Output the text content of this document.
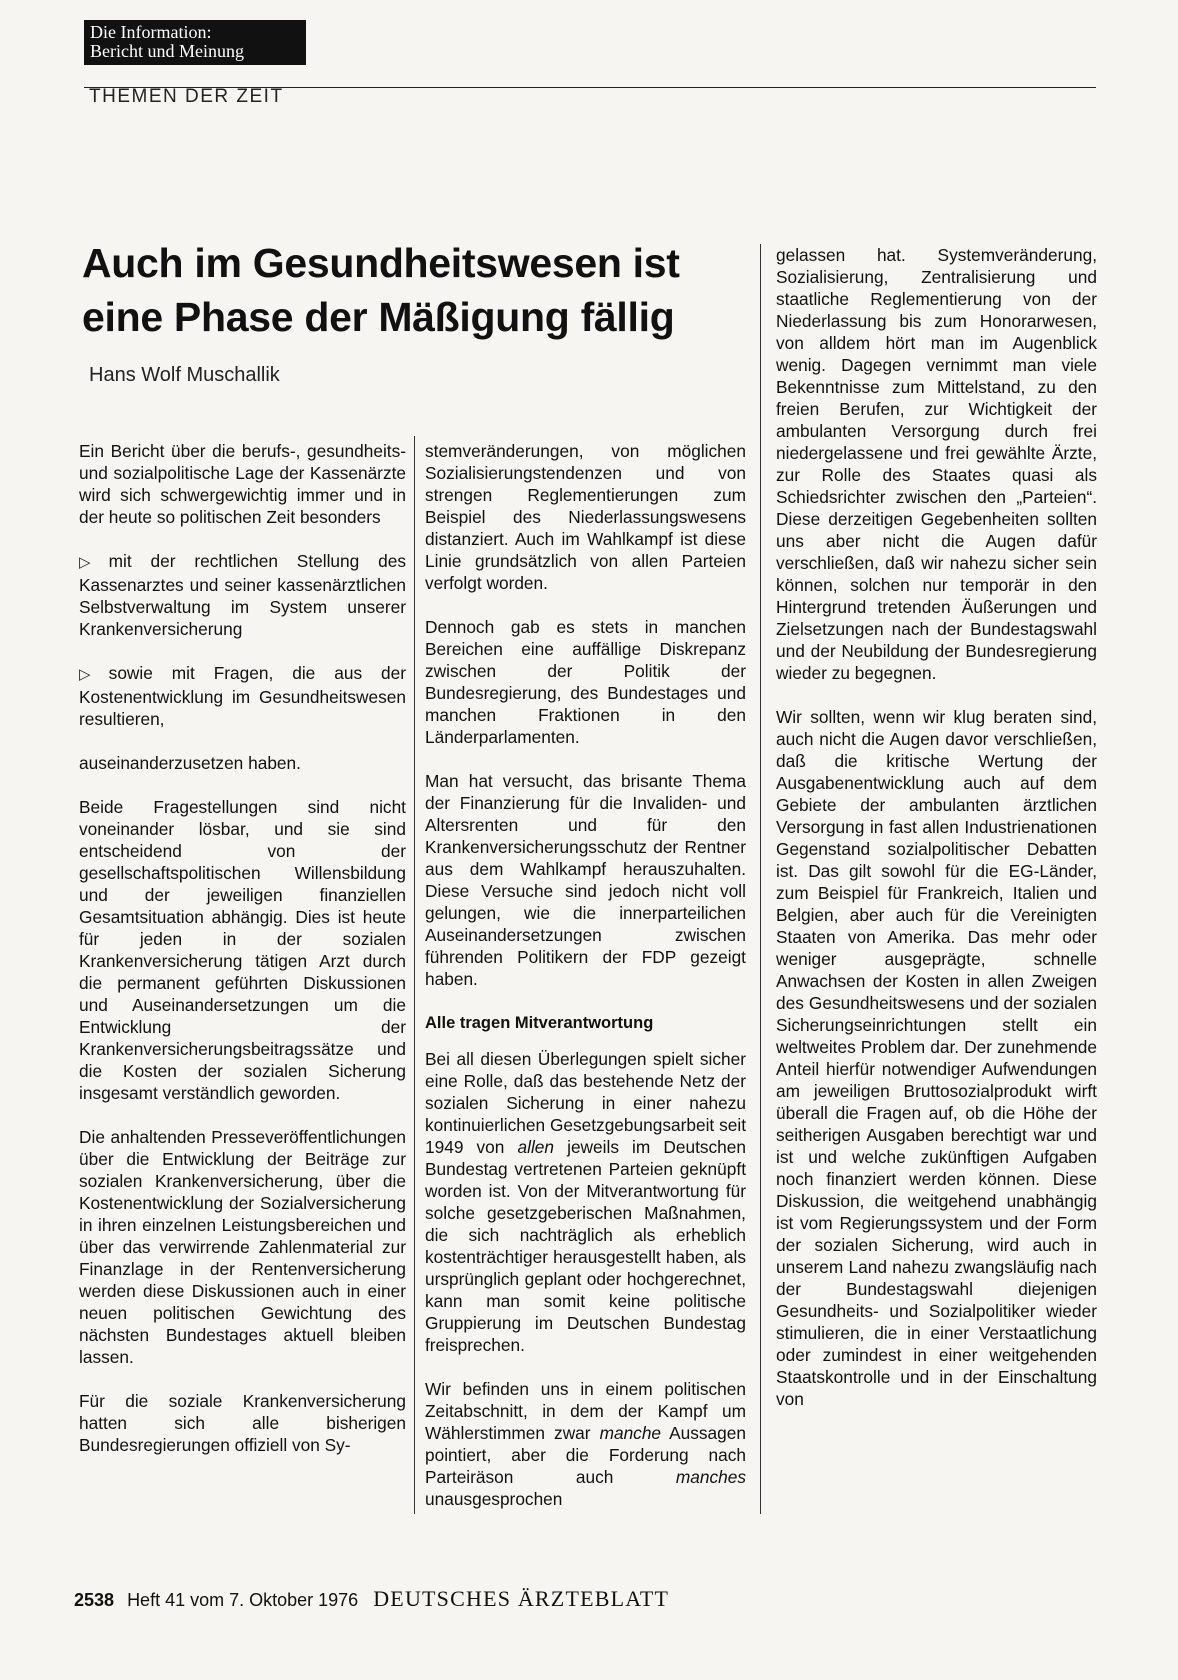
Die Information:
Bericht und Meinung
THEMEN DER ZEIT
Auch im Gesundheitswesen ist
eine Phase der Mäßigung fällig
Hans Wolf Muschallik

Ein Bericht über die berufs-, gesundheits- und sozialpolitische Lage der Kassenärzte wird sich schwergewichtig immer und in der heute so politischen Zeit besonders

▷ mit der rechtlichen Stellung des Kassenarztes und seiner kassenärztlichen Selbstverwaltung im System unserer Krankenversicherung

▷ sowie mit Fragen, die aus der Kostenentwicklung im Gesundheitswesen resultieren,

auseinanderzusetzen haben.

Beide Fragestellungen sind nicht voneinander lösbar, und sie sind entscheidend von der gesellschaftspolitischen Willensbildung und der jeweiligen finanziellen Gesamtsituation abhängig. Dies ist heute für jeden in der sozialen Krankenversicherung tätigen Arzt durch die permanent geführten Diskussionen und Auseinandersetzungen um die Entwicklung der Krankenversicherungsbeitragssätze und die Kosten der sozialen Sicherung insgesamt verständlich geworden.

Die anhaltenden Presseveröffentlichungen über die Entwicklung der Beiträge zur sozialen Krankenversicherung, über die Kostenentwicklung der Sozialversicherung in ihren einzelnen Leistungsbereichen und über das verwirrende Zahlenmaterial zur Finanzlage in der Rentenversicherung werden diese Diskussionen auch in einer neuen politischen Gewichtung des nächsten Bundestages aktuell bleiben lassen.

Für die soziale Krankenversicherung hatten sich alle bisherigen Bundesregierungen offiziell von Sy-

stemveränderungen, von möglichen Sozialisierungstendenzen und von strengen Reglementierungen zum Beispiel des Niederlassungswesens distanziert. Auch im Wahlkampf ist diese Linie grundsätzlich von allen Parteien verfolgt worden.

Dennoch gab es stets in manchen Bereichen eine auffällige Diskrepanz zwischen der Politik der Bundesregierung, des Bundestages und manchen Fraktionen in den Länderparlamenten.

Man hat versucht, das brisante Thema der Finanzierung für die Invaliden- und Altersrenten und für den Krankenversicherungsschutz der Rentner aus dem Wahlkampf herauszuhalten. Diese Versuche sind jedoch nicht voll gelungen, wie die innerparteilichen Auseinandersetzungen zwischen führenden Politikern der FDP gezeigt haben.

Alle tragen Mitverantwortung

Bei all diesen Überlegungen spielt sicher eine Rolle, daß das bestehende Netz der sozialen Sicherung in einer nahezu kontinuierlichen Gesetzgebungsarbeit seit 1949 von allen jeweils im Deutschen Bundestag vertretenen Parteien geknüpft worden ist. Von der Mitverantwortung für solche gesetzgeberischen Maßnahmen, die sich nachträglich als erheblich kostenträchtiger herausgestellt haben, als ursprünglich geplant oder hochgerechnet, kann man somit keine politische Gruppierung im Deutschen Bundestag freisprechen.

Wir befinden uns in einem politischen Zeitabschnitt, in dem der Kampf um Wählerstimmen zwar manche Aussagen pointiert, aber die Forderung nach Parteiräson auch	manches unausgesprochen

gelassen hat. Systemveränderung, Sozialisierung, Zentralisierung und staatliche Reglementierung von der Niederlassung bis zum Honorarwesen, von alldem hört man im Augenblick wenig. Dagegen vernimmt man viele Bekenntnisse zum Mittelstand, zu den freien Berufen, zur Wichtigkeit der ambulanten Versorgung durch frei niedergelassene und frei gewählte Ärzte, zur Rolle des Staates quasi als Schiedsrichter zwischen den „Parteien“. Diese derzeitigen Gegebenheiten sollten uns aber nicht die Augen dafür verschließen, daß wir nahezu sicher sein können, solchen nur temporär in den Hintergrund tretenden Äußerungen und Zielsetzungen nach der Bundestagswahl und der Neubildung der Bundesregierung wieder zu begegnen.

Wir sollten, wenn wir klug beraten sind, auch nicht die Augen davor verschließen, daß die kritische Wertung der Ausgabenentwicklung auch auf dem Gebiete der ambulanten ärztlichen Versorgung in fast allen Industrienationen Gegenstand sozialpolitischer Debatten ist. Das gilt sowohl für die EG-Länder, zum Beispiel für Frankreich, Italien und Belgien, aber auch für die Vereinigten Staaten von Amerika. Das mehr oder weniger ausgeprägte, schnelle Anwachsen der Kosten in allen Zweigen des Gesundheitswesens und der sozialen Sicherungseinrichtungen stellt ein weltweites Problem dar. Der zunehmende Anteil hierfür notwendiger Aufwendungen am jeweiligen Bruttosozialprodukt wirft überall die Fragen auf, ob die Höhe der seitherigen Ausgaben berechtigt war und ist und welche zukünftigen Aufgaben noch finanziert werden können. Diese Diskussion, die weitgehend unabhängig ist vom Regierungssystem und der Form der sozialen Sicherung, wird auch in unserem Land nahezu zwangsläufig nach der Bundestagswahl diejenigen Gesundheits- und Sozialpolitiker wieder stimulieren, die in einer Verstaatlichung oder zumindest in einer weitgehenden Staatskontrolle und in der Einschaltung von

2538 Heft 41 vom 7. Oktober 1976 DEUTSCHES ÄRZTEBLATT
